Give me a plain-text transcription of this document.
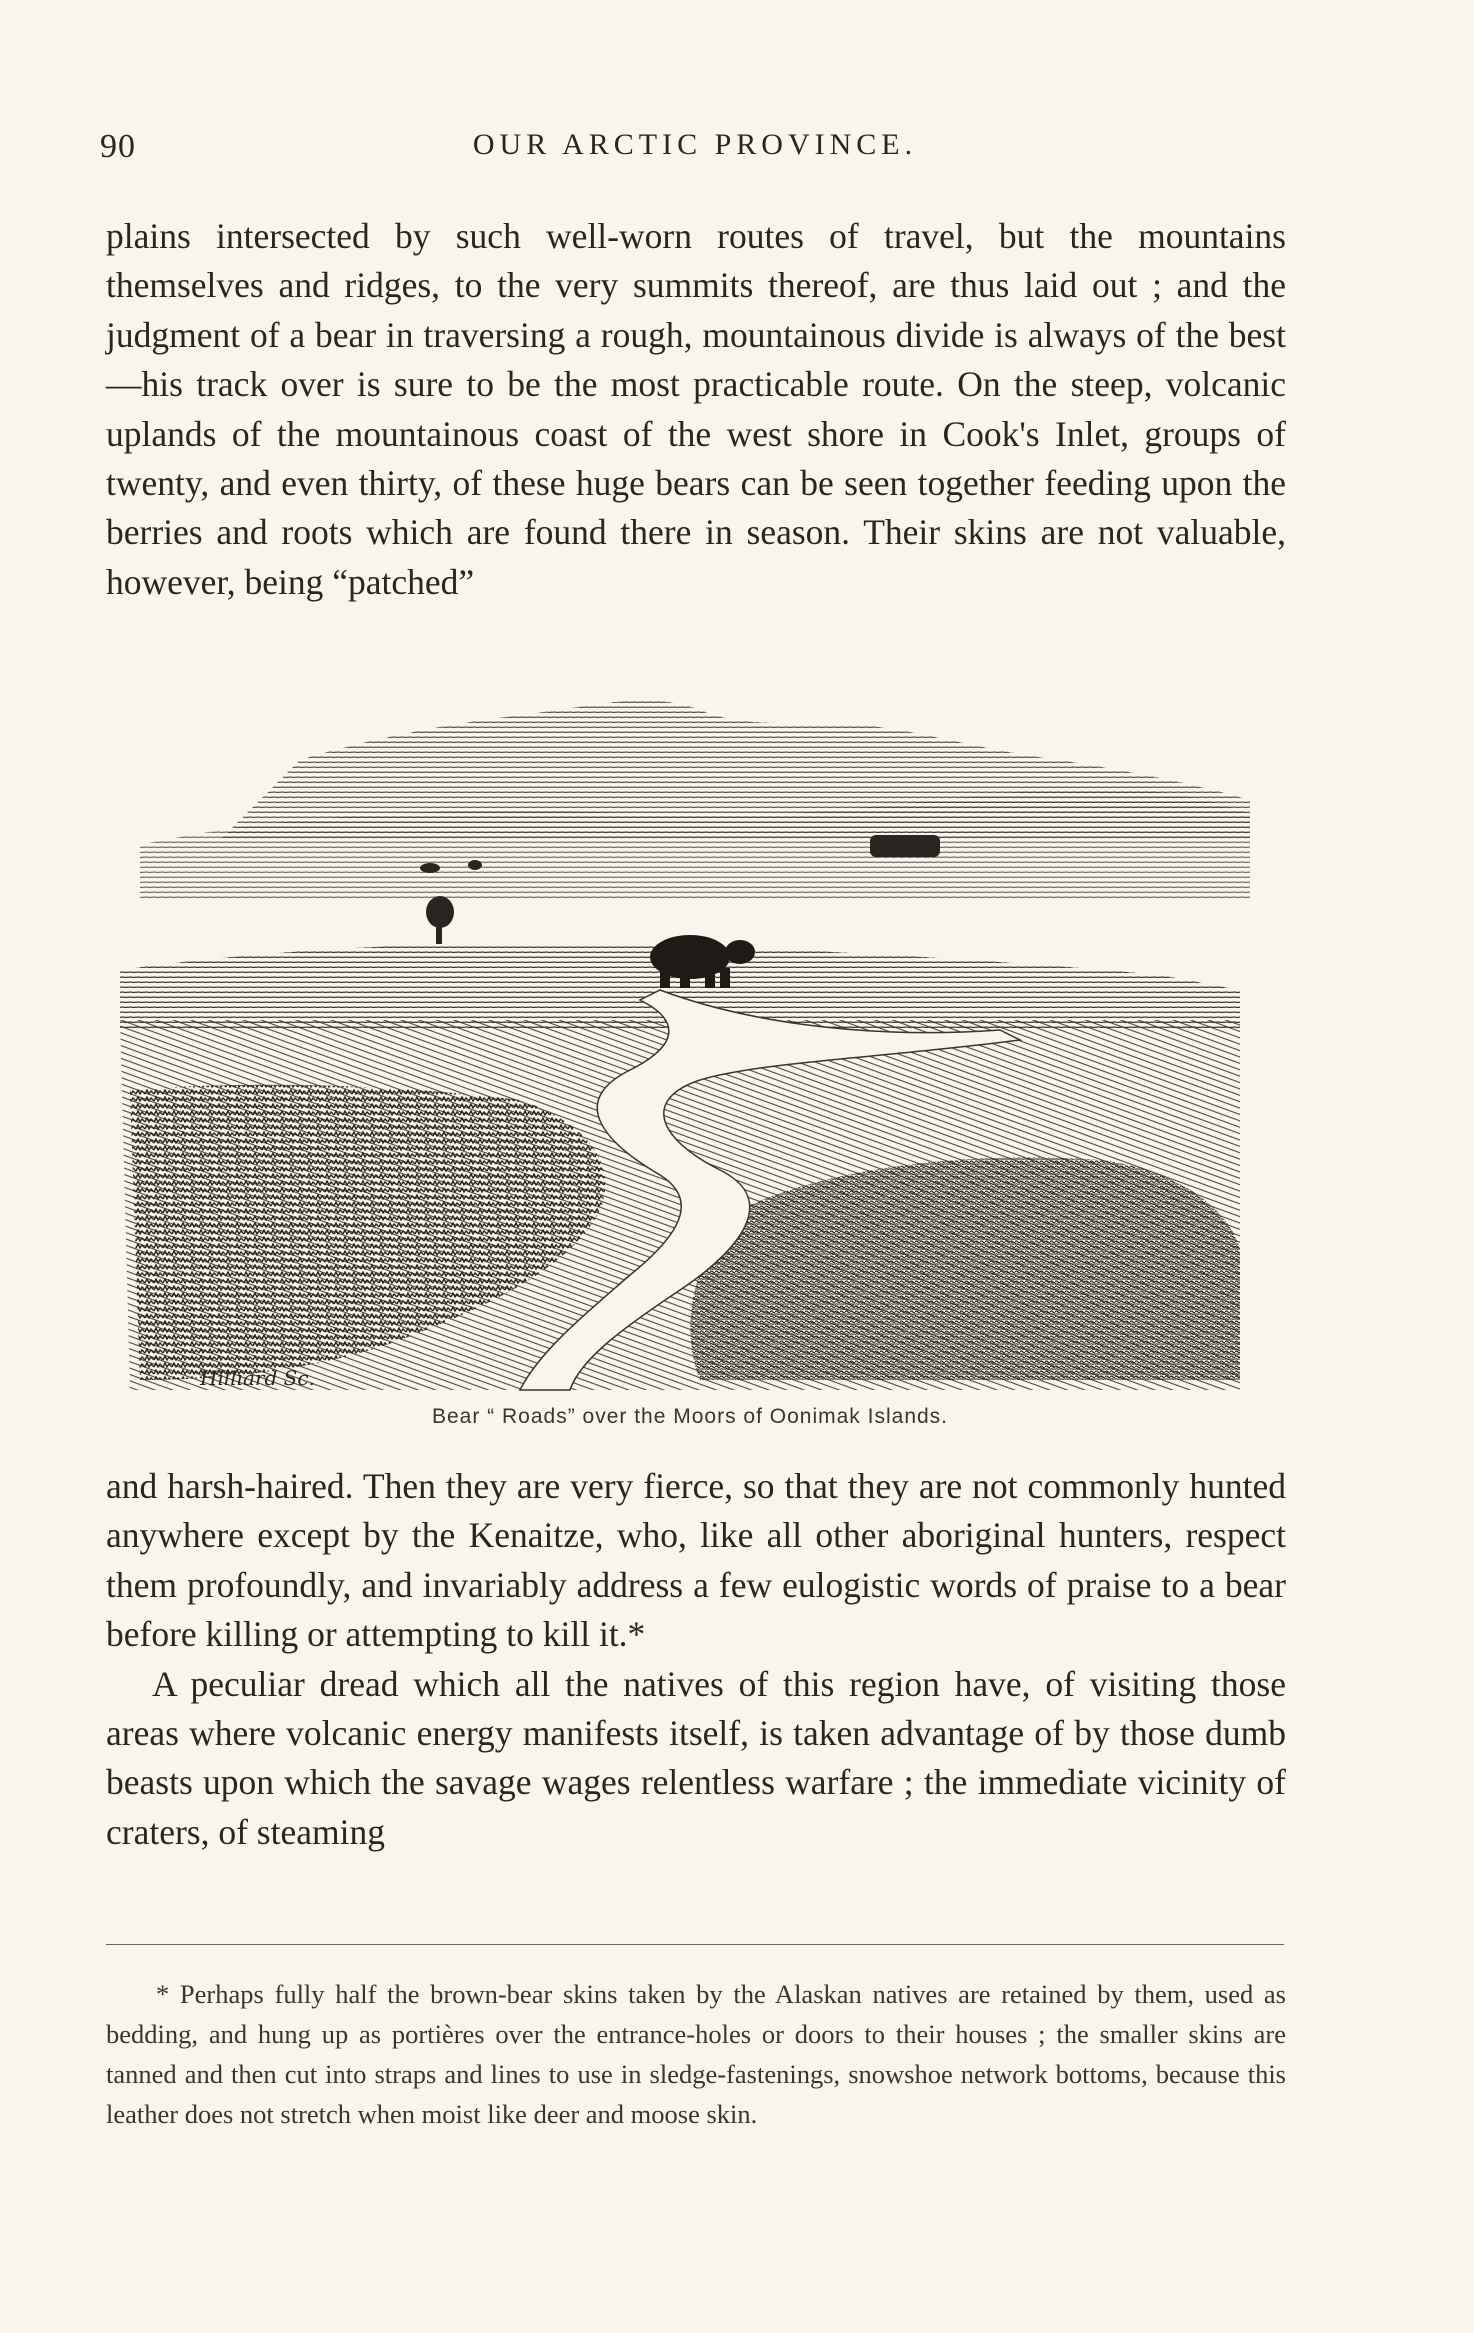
90	OUR ARCTIC PROVINCE.

plains intersected by such well-worn routes of travel, but the mountains themselves and ridges, to the very summits thereof, are thus laid out ; and the judgment of a bear in traversing a rough, mountainous divide is always of the best—his track over is sure to be the most practicable route. On the steep, volcanic uplands of the mountainous coast of the west shore in Cook's Inlet, groups of twenty, and even thirty, of these huge bears can be seen together feeding upon the berries and roots which are found there in season. Their skins are not valuable, however, being “patched”

Hilliard Sc.
Bear “ Roads” over the Moors of Oonimak Islands.

and harsh-haired. Then they are very fierce, so that they are not commonly hunted anywhere except by the Kenaitze, who, like all other aboriginal hunters, respect them profoundly, and invariably address a few eulogistic words of praise to a bear before killing or attempting to kill it.*

A peculiar dread which all the natives of this region have, of visiting those areas where volcanic energy manifests itself, is taken advantage of by those dumb beasts upon which the savage wages relentless warfare ; the immediate vicinity of craters, of steaming

* Perhaps fully half the brown-bear skins taken by the Alaskan natives are retained by them, used as bedding, and hung up as portières over the entrance-holes or doors to their houses ; the smaller skins are tanned and then cut into straps and lines to use in sledge-fastenings, snowshoe network bottoms, because this leather does not stretch when moist like deer and moose skin.
